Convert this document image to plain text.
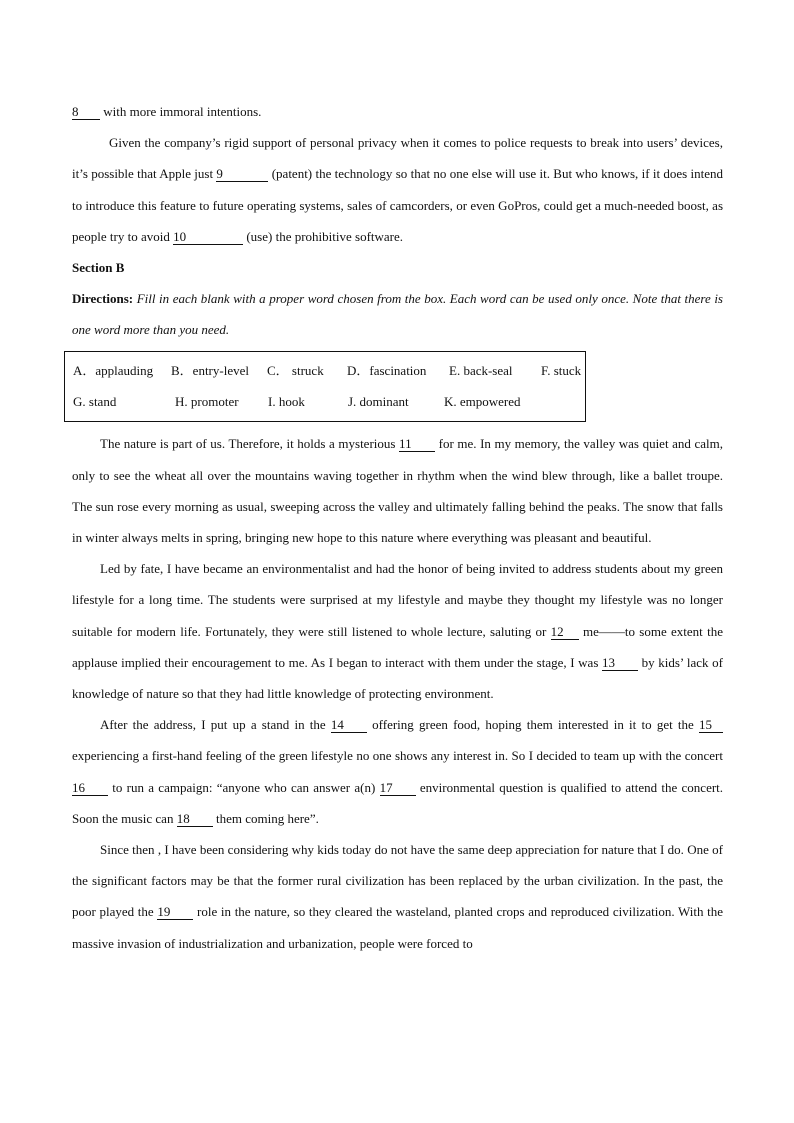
8 with more immoral intentions.

Given the company’s rigid support of personal privacy when it comes to police requests to break into users’ devices, it’s possible that Apple just 9	(patent) the technology so that no one else will use it. But who knows, if it does intend to introduce this feature to future operating systems, sales of camcorders, or even GoPros, could get a much-needed boost, as people try to avoid 10	(use) the prohibitive software.

Section B

Directions: Fill in each blank with a proper word chosen from the box. Each word can be used only once. Note that there is one word more than you need.

A．applauding	B．entry-level	C． struck	D．fascination	E. back-seal	F. stuck
G. stand	H. promoter	I. hook	J. dominant	K. empowered

The nature is part of us. Therefore, it holds a mysterious 11 for me. In my memory, the valley was quiet and calm, only to see the wheat all over the mountains waving together in rhythm when the wind blew through, like a ballet troupe. The sun rose every morning as usual, sweeping across the valley and ultimately falling behind the peaks. The snow that falls in winter always melts in spring, bringing new hope to this nature where everything was pleasant and beautiful.

Led by fate, I have became an environmentalist and had the honor of being invited to address students about my green lifestyle for a long time. The students were surprised at my lifestyle and maybe they thought my lifestyle was no longer suitable for modern life. Fortunately, they were still listened to whole lecture, saluting or 12 me——to some extent the applause implied their encouragement to me. As I began to interact with them under the stage, I was 13 by kids’ lack of knowledge of nature so that they had little knowledge of protecting environment.

After the address, I put up a stand in the 14 offering green food, hoping them interested in it to get the 15 experiencing a first-hand feeling of the green lifestyle no one shows any interest in. So I decided to team up with the concert 16 to run a campaign: “anyone who can answer a(n) 17 environmental question is qualified to attend the concert. Soon the music can 18 them coming here”.

Since then , I have been considering why kids today do not have the same deep appreciation for nature that I do. One of the significant factors may be that the former rural civilization has been replaced by the urban civilization. In the past, the poor played the 19 role in the nature, so they cleared the wasteland, planted crops and reproduced civilization. With the massive invasion of industrialization and urbanization, people were forced to
